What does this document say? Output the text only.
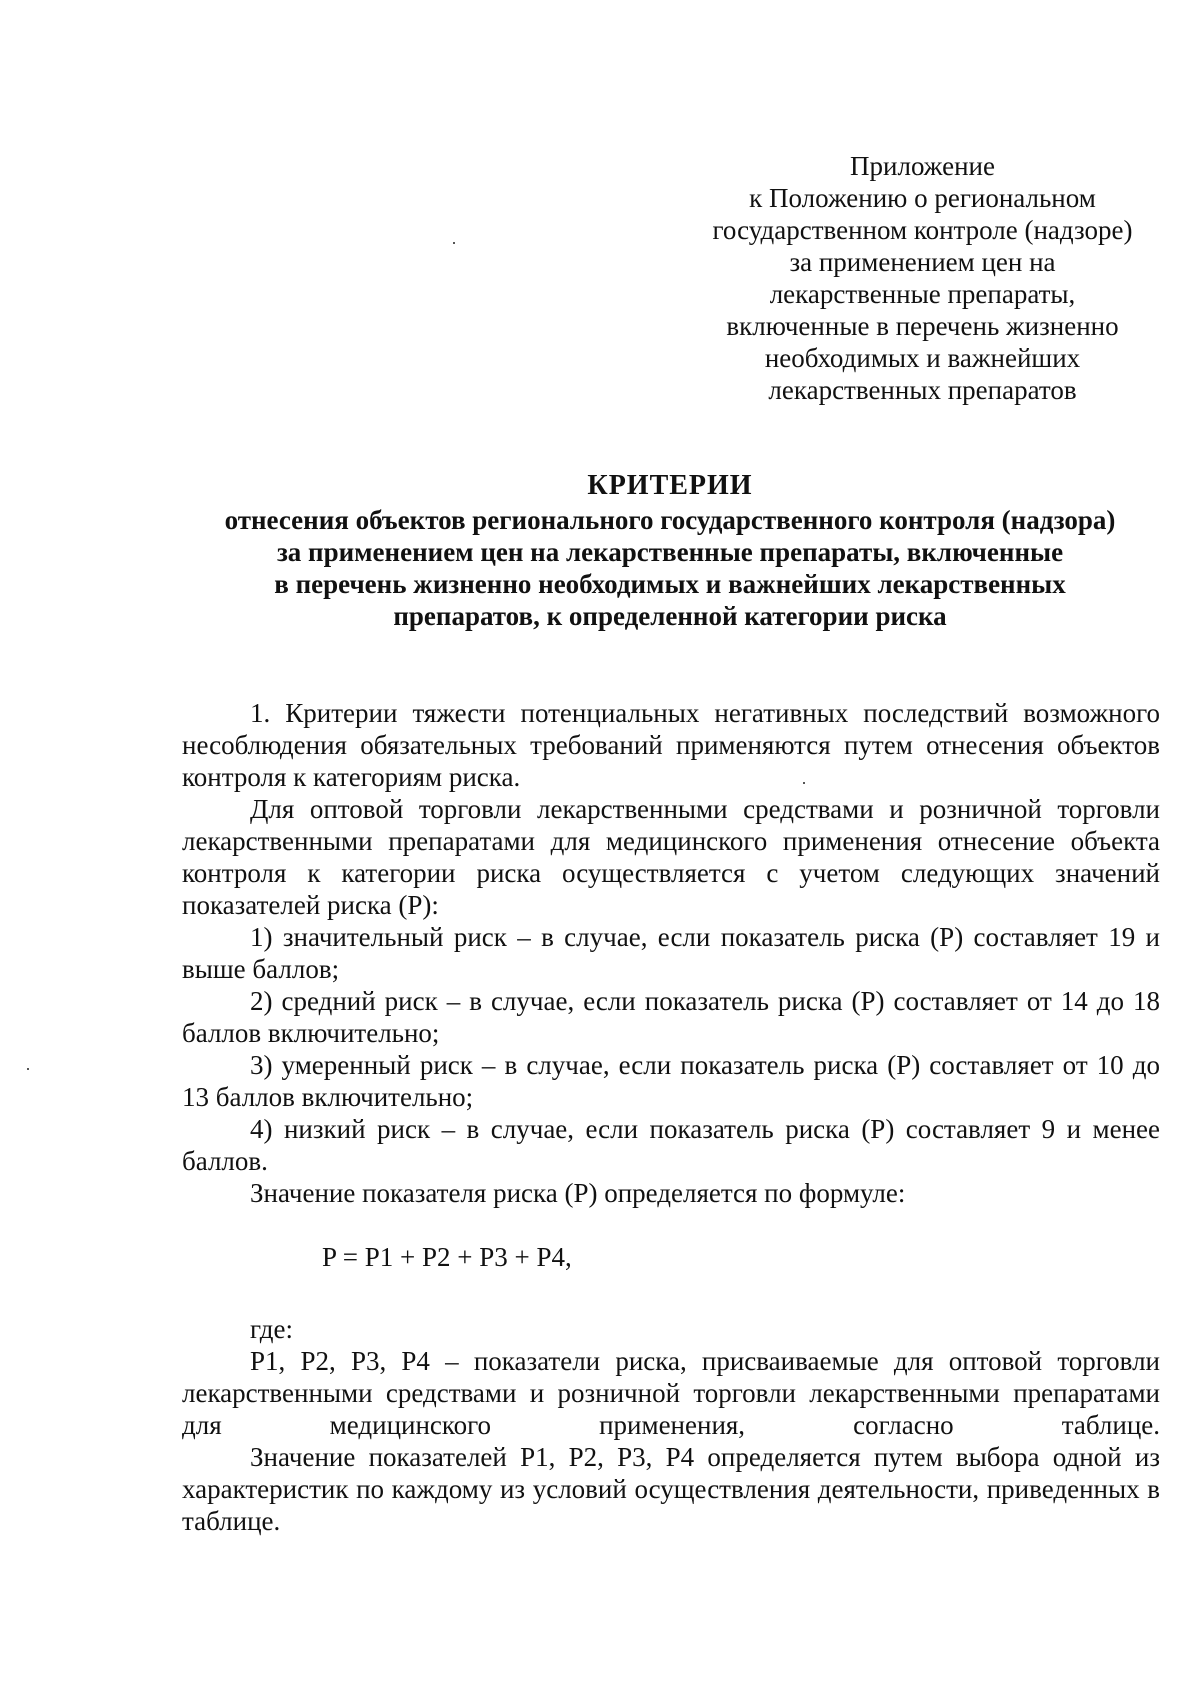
Приложение
к Положению о региональном
государственном контроле (надзоре)
за применением цен на
лекарственные препараты,
включенные в перечень жизненно
необходимых и важнейших
лекарственных препаратов
КРИТЕРИИ
отнесения объектов регионального государственного контроля (надзора)
за применением цен на лекарственные препараты, включенные
в перечень жизненно необходимых и важнейших лекарственных
препаратов, к определенной категории риска

1. Критерии тяжести потенциальных негативных последствий возможного несоблюдения обязательных требований применяются путем отнесения объектов контроля к категориям риска.

Для оптовой торговли лекарственными средствами и розничной торговли лекарственными препаратами для медицинского применения отнесение объекта контроля к категории риска осуществляется с учетом следующих значений показателей риска (P):

1) значительный риск – в случае, если показатель риска (P) составляет 19 и выше баллов;

2) средний риск – в случае, если показатель риска (P) составляет от 14 до 18 баллов включительно;

3) умеренный риск – в случае, если показатель риска (P) составляет от 10 до 13 баллов включительно;

4) низкий риск – в случае, если показатель риска (P) составляет 9 и менее баллов.

Значение показателя риска (P) определяется по формуле:

P = P1 + P2 + P3 + P4,

где:

P1, P2, P3, P4 – показатели риска, присваиваемые для оптовой торговли лекарственными средствами и розничной торговли лекарственными препаратами для медицинского применения, согласно таблице.

Значение показателей P1, P2, P3, P4 определяется путем выбора одной из характеристик по каждому из условий осуществления деятельности, приведенных в таблице.
